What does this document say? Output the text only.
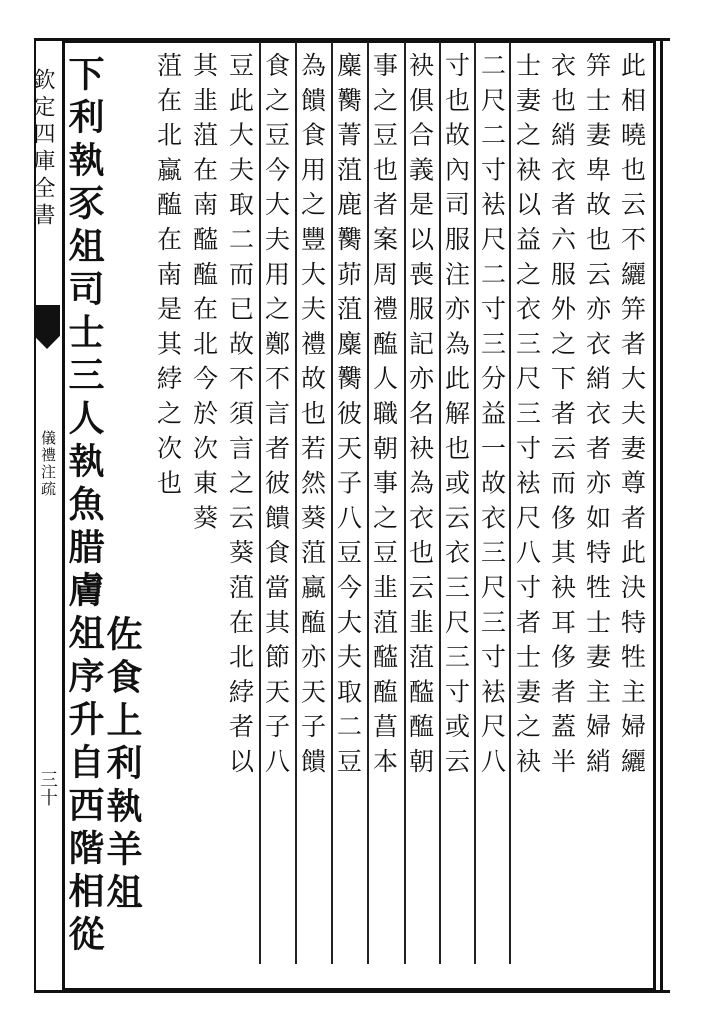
欽定四庫全書
儀禮注疏
三十
此相曉也云不纚笄者大夫妻尊者此決特牲主婦纚
笄士妻卑故也云亦衣綃衣者亦如特牲士妻主婦綃
衣也綃衣者六服外之下者云而侈其袂耳侈者蓋半
士妻之袂以益之衣三尺三寸袪尺八寸者士妻之袂
二尺二寸袪尺二寸三分益一故衣三尺三寸袪尺八
寸也故內司服注亦為此解也或云衣三尺三寸或云
袂俱合義是以喪服記亦名袂為衣也云韭菹醓醢朝
事之豆也者案周禮醢人職朝事之豆韭菹醓醢菖本
麋臡菁菹鹿臡茆菹麋臡彼天子八豆今大夫取二豆
為饋食用之豐大夫禮故也若然葵菹蠃醢亦天子饋
食之豆今大夫用之鄭不言者彼饋食當其節天子八
豆此大夫取二而已故不須言之云葵菹在北綍者以
其韭菹在南醓醢在北今於次東葵
菹在北蠃醢在南是其綍之次也
佐食上利執羊俎
下利執豕俎司士三人執魚腊膚俎序升自西階相從
